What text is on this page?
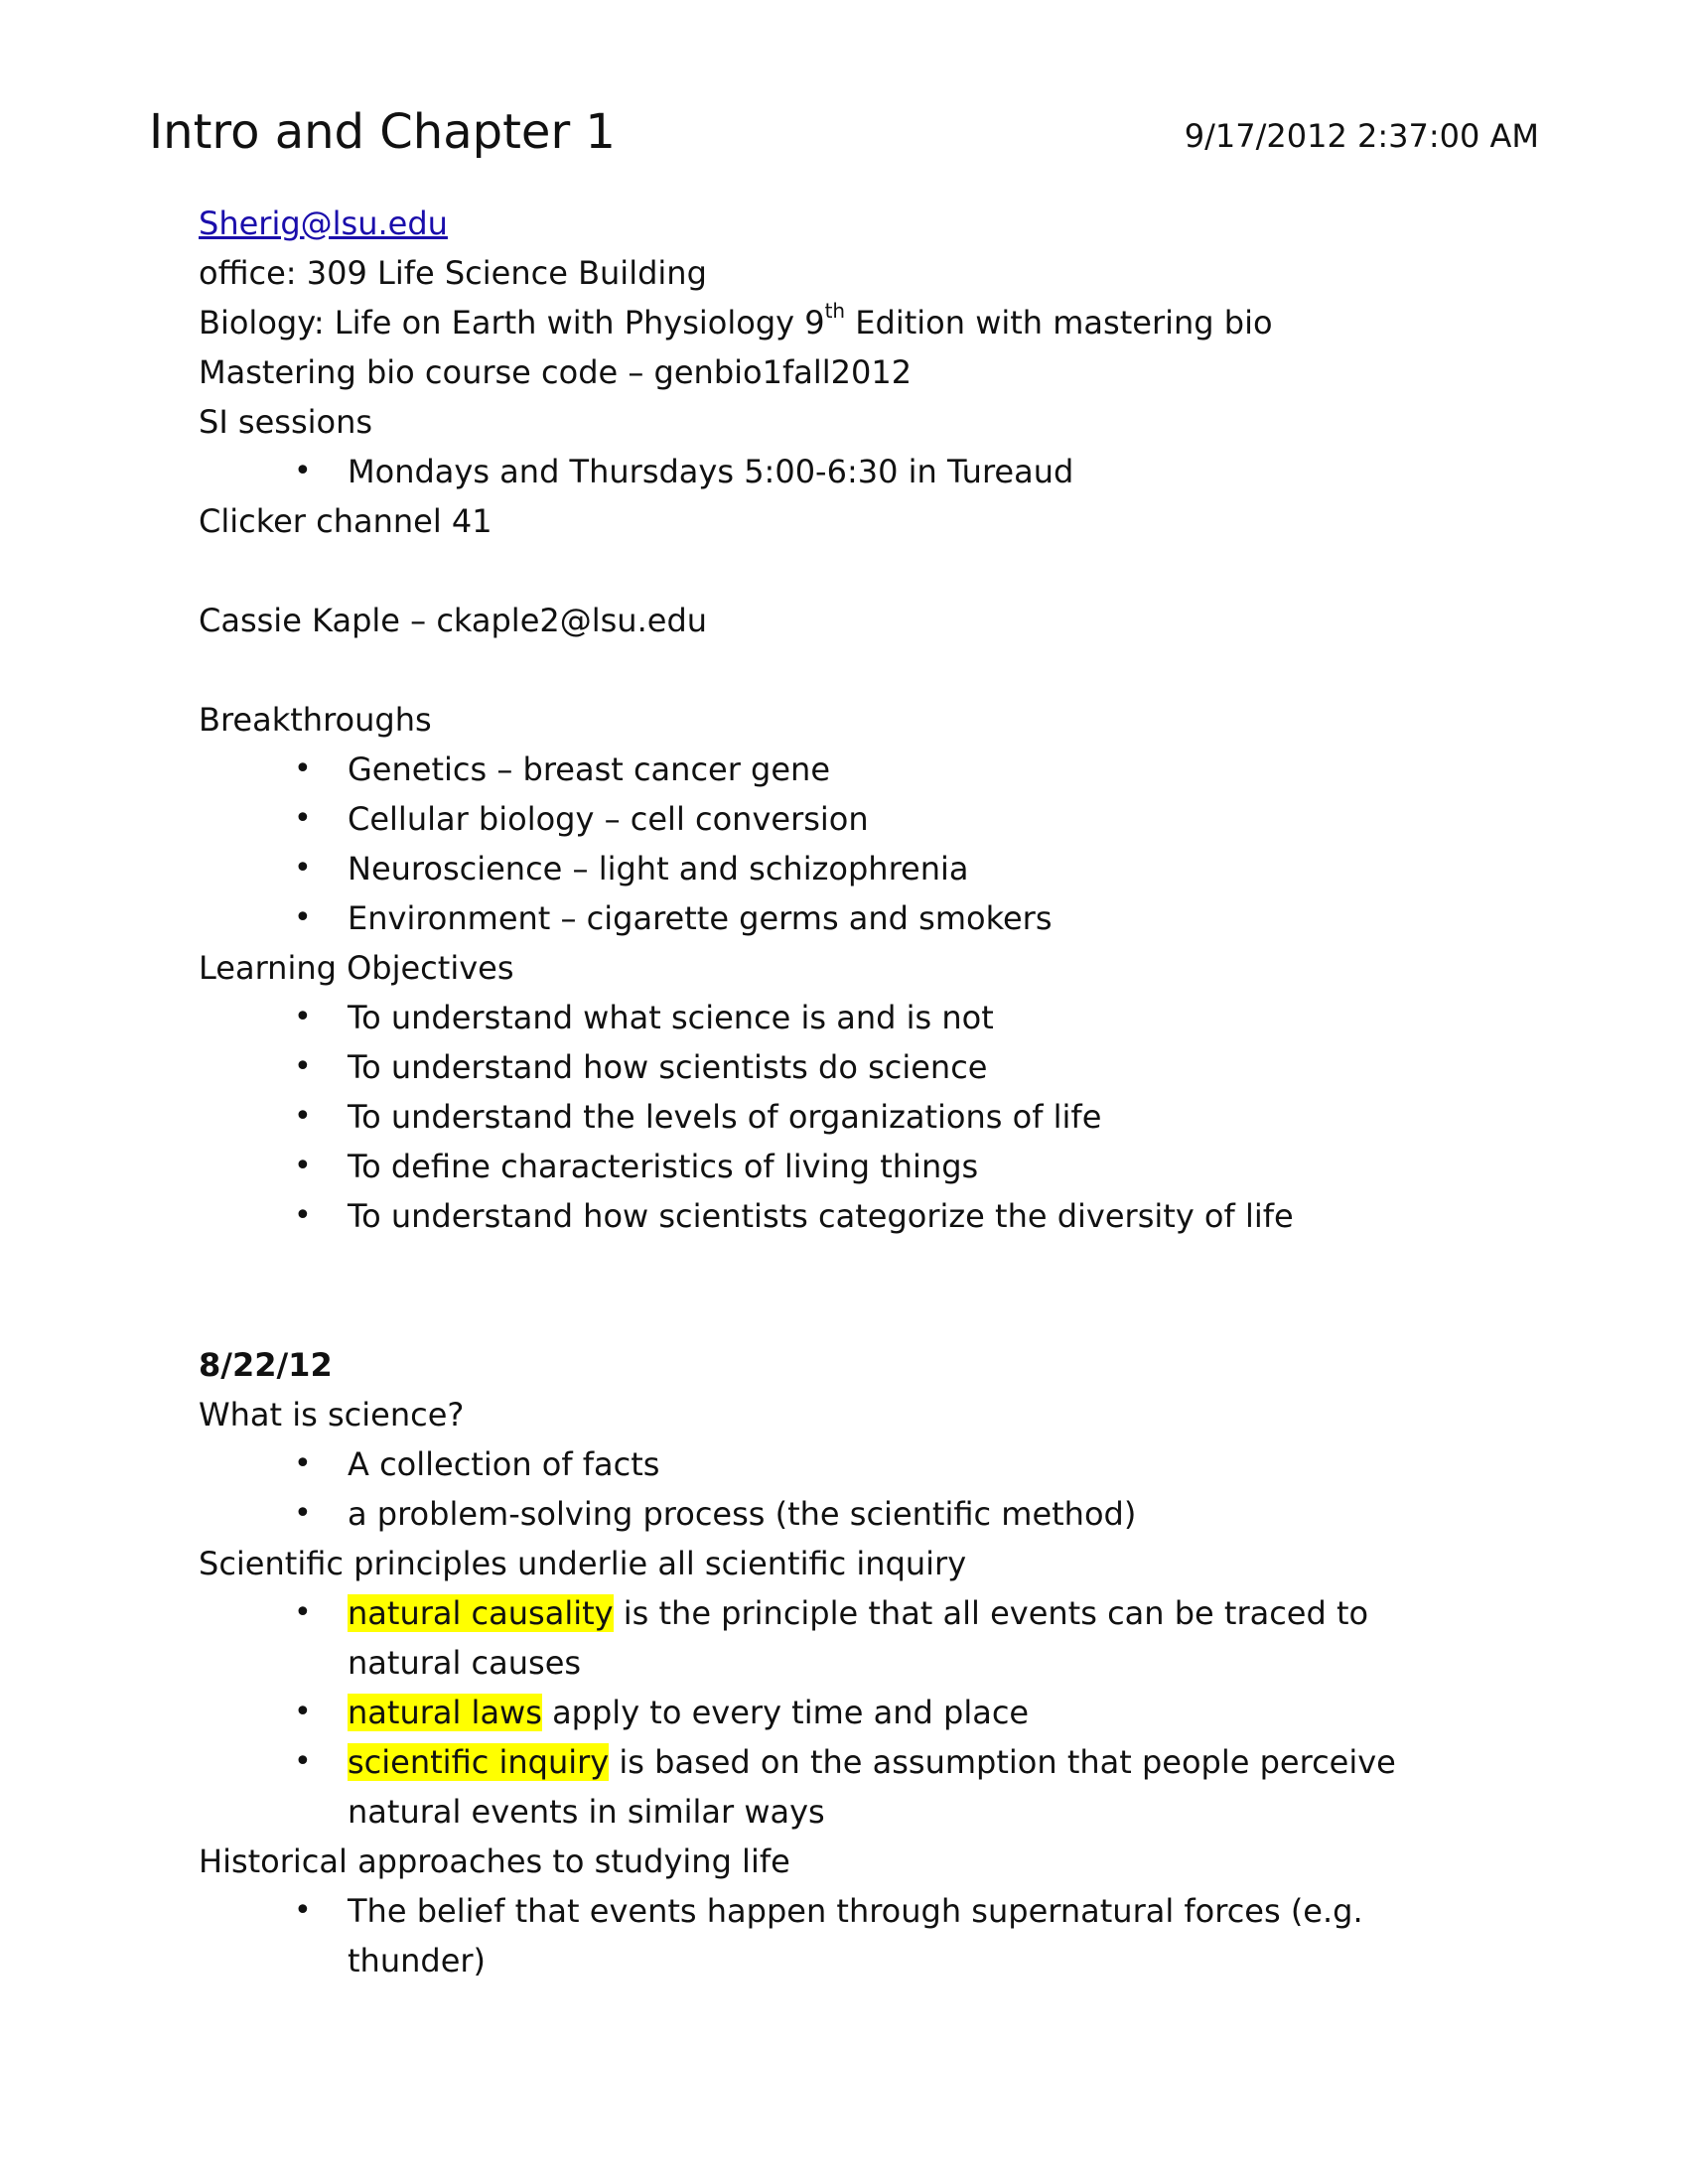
Intro and Chapter 1	9/17/2012 2:37:00 AM
Sherig@lsu.edu
office: 309 Life Science Building
Biology: Life on Earth with Physiology 9th Edition with mastering bio
Mastering bio course code – genbio1fall2012
SI sessions
• Mondays and Thursdays 5:00-6:30 in Tureaud
Clicker channel 41
Cassie Kaple – ckaple2@lsu.edu
Breakthroughs
• Genetics – breast cancer gene
• Cellular biology – cell conversion
• Neuroscience – light and schizophrenia
• Environment – cigarette germs and smokers
Learning Objectives
• To understand what science is and is not
• To understand how scientists do science
• To understand the levels of organizations of life
• To define characteristics of living things
• To understand how scientists categorize the diversity of life
8/22/12
What is science?
• A collection of facts
• a problem-solving process (the scientific method)
Scientific principles underlie all scientific inquiry
• natural causality is the principle that all events can be traced to natural causes
• natural laws apply to every time and place
• scientific inquiry is based on the assumption that people perceive natural events in similar ways
Historical approaches to studying life
• The belief that events happen through supernatural forces (e.g. thunder)
